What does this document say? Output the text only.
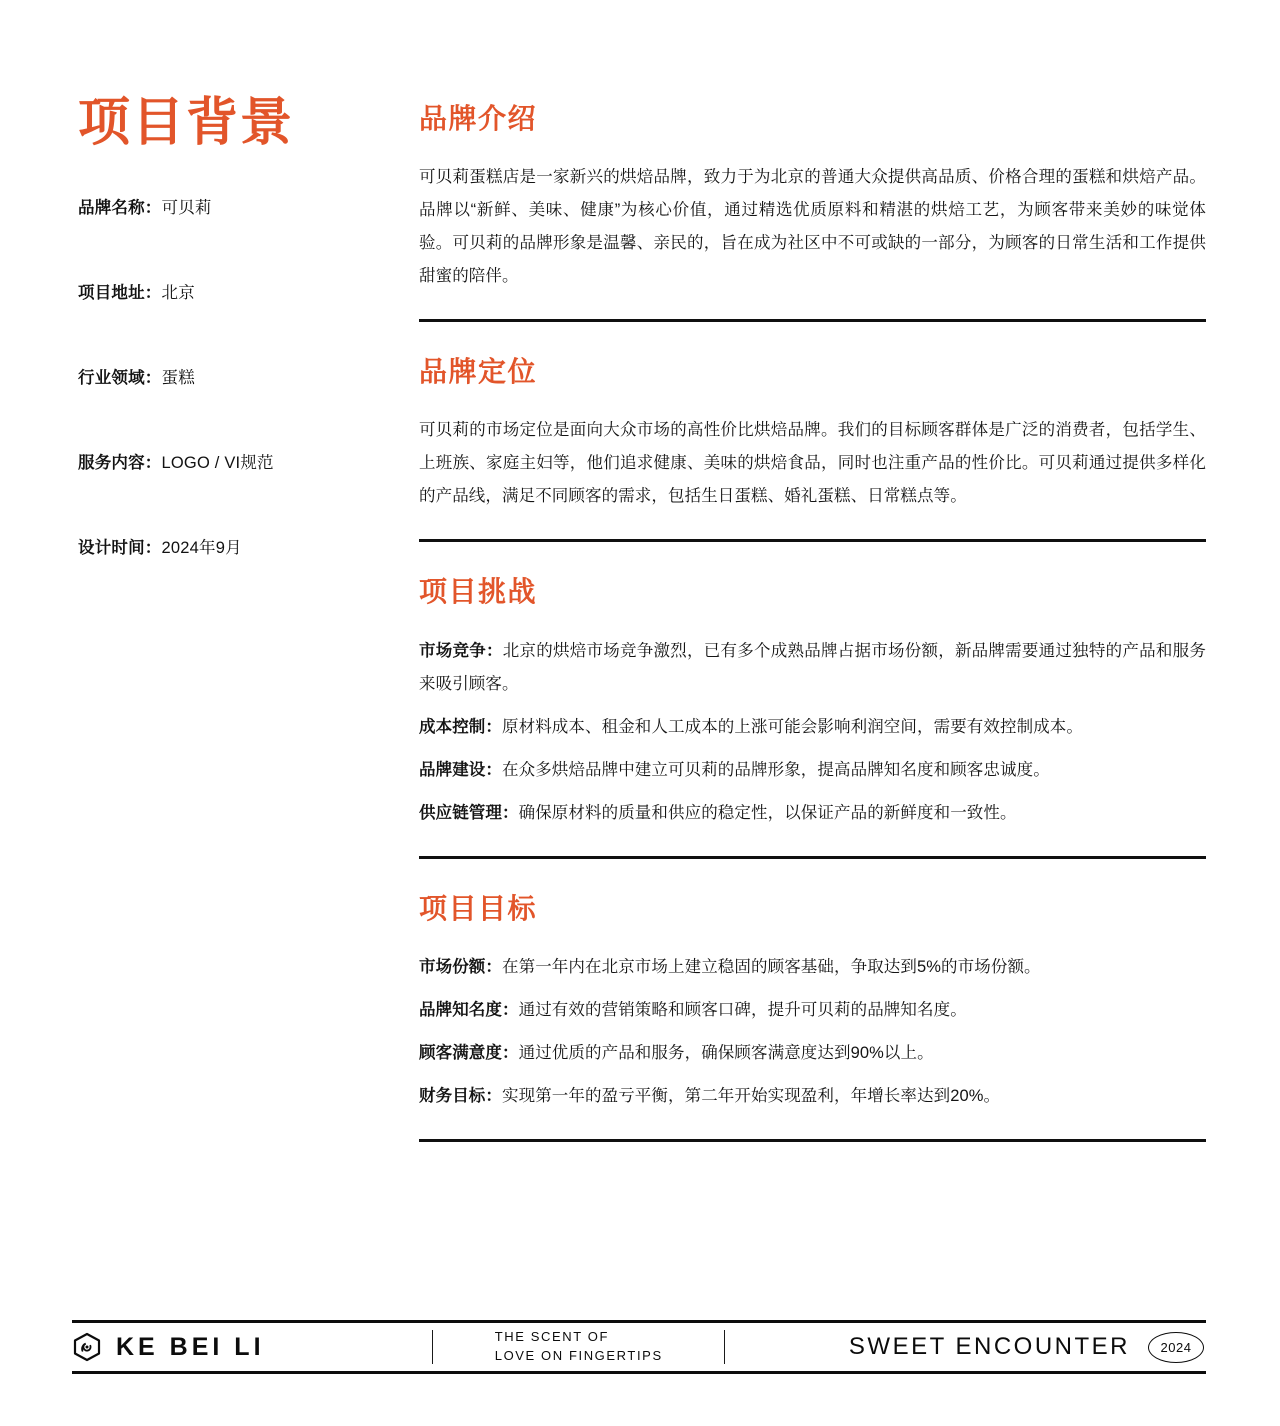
项目背景
品牌名称：可贝莉
项目地址：北京
行业领域：蛋糕
服务内容：LOGO / VI规范
设计时间：2024年9月
品牌介绍

可贝莉蛋糕店是一家新兴的烘焙品牌，致力于为北京的普通大众提供高品质、价格合理的蛋糕和烘焙产品。品牌以“新鲜、美味、健康”为核心价值，通过精选优质原料和精湛的烘焙工艺，为顾客带来美妙的味觉体验。可贝莉的品牌形象是温馨、亲民的，旨在成为社区中不可或缺的一部分，为顾客的日常生活和工作提供甜蜜的陪伴。

品牌定位

可贝莉的市场定位是面向大众市场的高性价比烘焙品牌。我们的目标顾客群体是广泛的消费者，包括学生、上班族、家庭主妇等，他们追求健康、美味的烘焙食品，同时也注重产品的性价比。可贝莉通过提供多样化的产品线，满足不同顾客的需求，包括生日蛋糕、婚礼蛋糕、日常糕点等。

项目挑战
市场竞争：北京的烘焙市场竞争激烈，已有多个成熟品牌占据市场份额，新品牌需要通过独特的产品和服务来吸引顾客。
成本控制：原材料成本、租金和人工成本的上涨可能会影响利润空间，需要有效控制成本。
品牌建设：在众多烘焙品牌中建立可贝莉的品牌形象，提高品牌知名度和顾客忠诚度。
供应链管理：确保原材料的质量和供应的稳定性，以保证产品的新鲜度和一致性。
项目目标
市场份额：在第一年内在北京市场上建立稳固的顾客基础，争取达到5%的市场份额。
品牌知名度：通过有效的营销策略和顾客口碑，提升可贝莉的品牌知名度。
顾客满意度：通过优质的产品和服务，确保顾客满意度达到90%以上。
财务目标：实现第一年的盈亏平衡，第二年开始实现盈利，年增长率达到20%。
KE BEI LI	THE SCENT OF
LOVE ON FINGERTIPS	SWEET ENCOUNTER	2024
